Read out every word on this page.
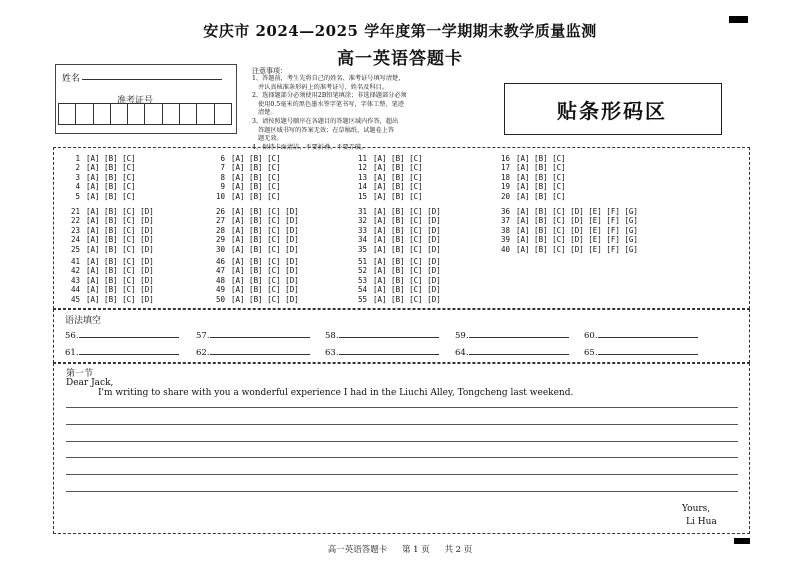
安庆市 2024—2025 学年度第一学期期末教学质量监测
高一英语答题卡
姓名
准考证号
注意事项：
1、答题前，考生先将自己的姓名、准考证号填写清楚，
并认真核准条形码上的准考证号、姓名及科目。
2、选择题部分必须使用2B铅笔填涂；非选择题部分必须
使用0.5毫米的黑色墨水签字笔书写，字体工整、笔迹
清楚。
3、请按照题号顺序在各题目的答题区域内作答，超出
答题区域书写的答案无效；在草稿纸、试题卷上答
题无效。
4、保持卡面清洁，不要折叠、不要弄破。
贴条形码区
1 [A] [B] [C]
2 [A] [B] [C]
3 [A] [B] [C]
4 [A] [B] [C]
5 [A] [B] [C]
6 [A] [B] [C]
7 [A] [B] [C]
8 [A] [B] [C]
9 [A] [B] [C]
10 [A] [B] [C]
11 [A] [B] [C]
12 [A] [B] [C]
13 [A] [B] [C]
14 [A] [B] [C]
15 [A] [B] [C]
16 [A] [B] [C]
17 [A] [B] [C]
18 [A] [B] [C]
19 [A] [B] [C]
20 [A] [B] [C]
21 [A] [B] [C] [D]
22 [A] [B] [C] [D]
23 [A] [B] [C] [D]
24 [A] [B] [C] [D]
25 [A] [B] [C] [D]
26 [A] [B] [C] [D]
27 [A] [B] [C] [D]
28 [A] [B] [C] [D]
29 [A] [B] [C] [D]
30 [A] [B] [C] [D]
31 [A] [B] [C] [D]
32 [A] [B] [C] [D]
33 [A] [B] [C] [D]
34 [A] [B] [C] [D]
35 [A] [B] [C] [D]
36 [A] [B] [C] [D] [E] [F] [G]
37 [A] [B] [C] [D] [E] [F] [G]
38 [A] [B] [C] [D] [E] [F] [G]
39 [A] [B] [C] [D] [E] [F] [G]
40 [A] [B] [C] [D] [E] [F] [G]
41 [A] [B] [C] [D]
42 [A] [B] [C] [D]
43 [A] [B] [C] [D]
44 [A] [B] [C] [D]
45 [A] [B] [C] [D]
46 [A] [B] [C] [D]
47 [A] [B] [C] [D]
48 [A] [B] [C] [D]
49 [A] [B] [C] [D]
50 [A] [B] [C] [D]
51 [A] [B] [C] [D]
52 [A] [B] [C] [D]
53 [A] [B] [C] [D]
54 [A] [B] [C] [D]
55 [A] [B] [C] [D]
语法填空
56.	57.	58.	59.	60.
61.	62.	63.	64.	65.
第一节
Dear Jack,
I'm writing to share with you a wonderful experience I had in the Liuchi Alley, Tongcheng last weekend.
Yours,
Li Hua
高一英语答题卡 第 1 页 共 2 页
